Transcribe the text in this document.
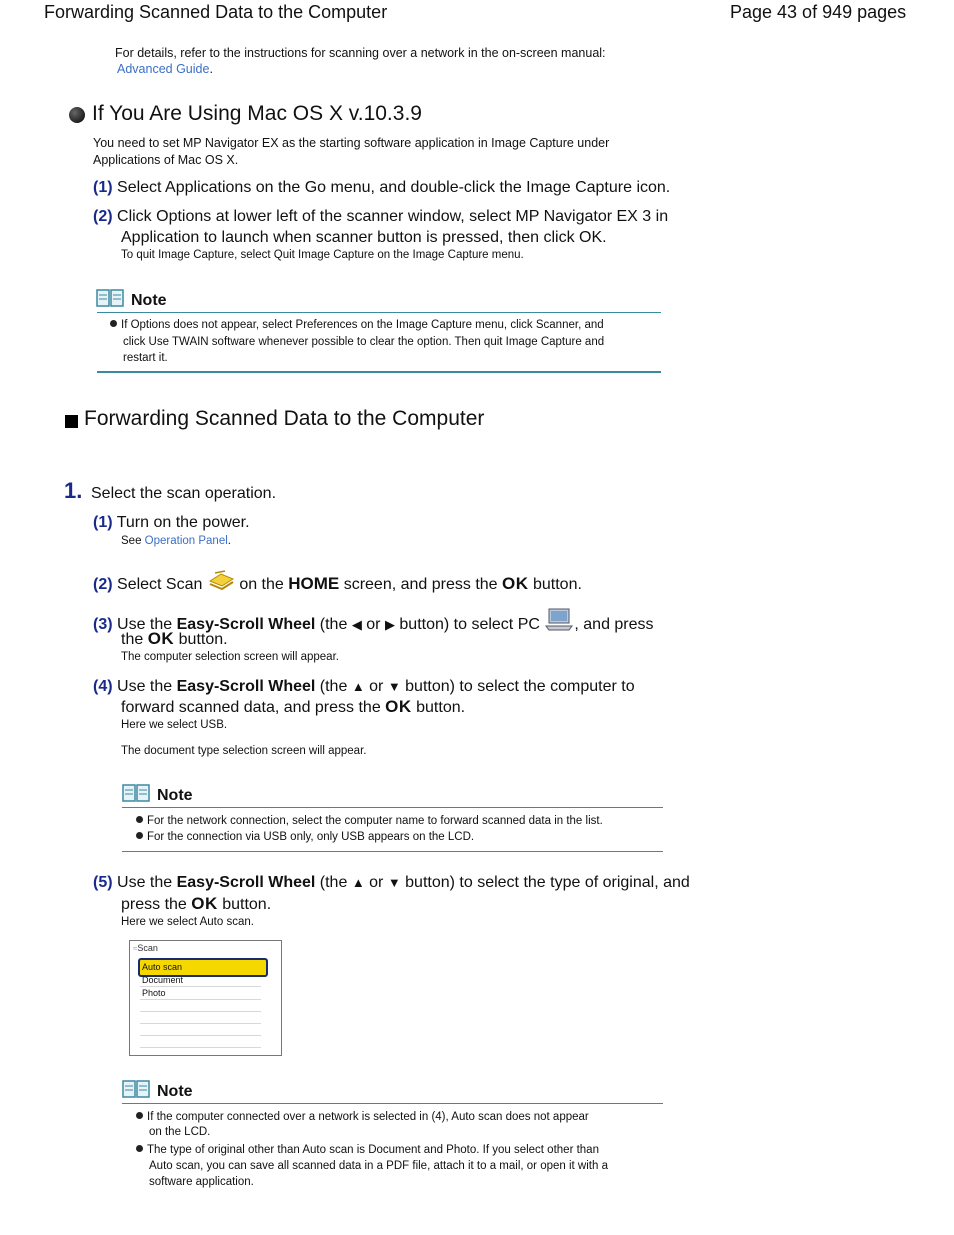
Forwarding Scanned Data to the Computer	Page 43 of 949 pages
For details, refer to the instructions for scanning over a network in the on-screen manual:
Advanced Guide.
If You Are Using Mac OS X v.10.3.9
You need to set MP Navigator EX as the starting software application in Image Capture under
Applications of Mac OS X.
(1) Select Applications on the Go menu, and double-click the Image Capture icon.
(2) Click Options at lower left of the scanner window, select MP Navigator EX 3 in
Application to launch when scanner button is pressed, then click OK.
To quit Image Capture, select Quit Image Capture on the Image Capture menu.
Note
If Options does not appear, select Preferences on the Image Capture menu, click Scanner, and
click Use TWAIN software whenever possible to clear the option. Then quit Image Capture and
restart it.
Forwarding Scanned Data to the Computer
1. Select the scan operation.
(1) Turn on the power.
See Operation Panel.
(2) Select Scan on the HOME screen, and press the OK button.
(3) Use the Easy-Scroll Wheel (the ◀ or ▶ button) to select PC , and press
the OK button.
The computer selection screen will appear.
(4) Use the Easy-Scroll Wheel (the ▲ or ▼ button) to select the computer to
forward scanned data, and press the OK button.
Here we select USB.
The document type selection screen will appear.
Note
For the network connection, select the computer name to forward scanned data in the list.
For the connection via USB only, only USB appears on the LCD.
(5) Use the Easy-Scroll Wheel (the ▲ or ▼ button) to select the type of original, and
press the OK button.
Here we select Auto scan.
≈Scan
Auto scan
Document
Photo
Note
If the computer connected over a network is selected in (4), Auto scan does not appear
on the LCD.
The type of original other than Auto scan is Document and Photo. If you select other than
Auto scan, you can save all scanned data in a PDF file, attach it to a mail, or open it with a
software application.
